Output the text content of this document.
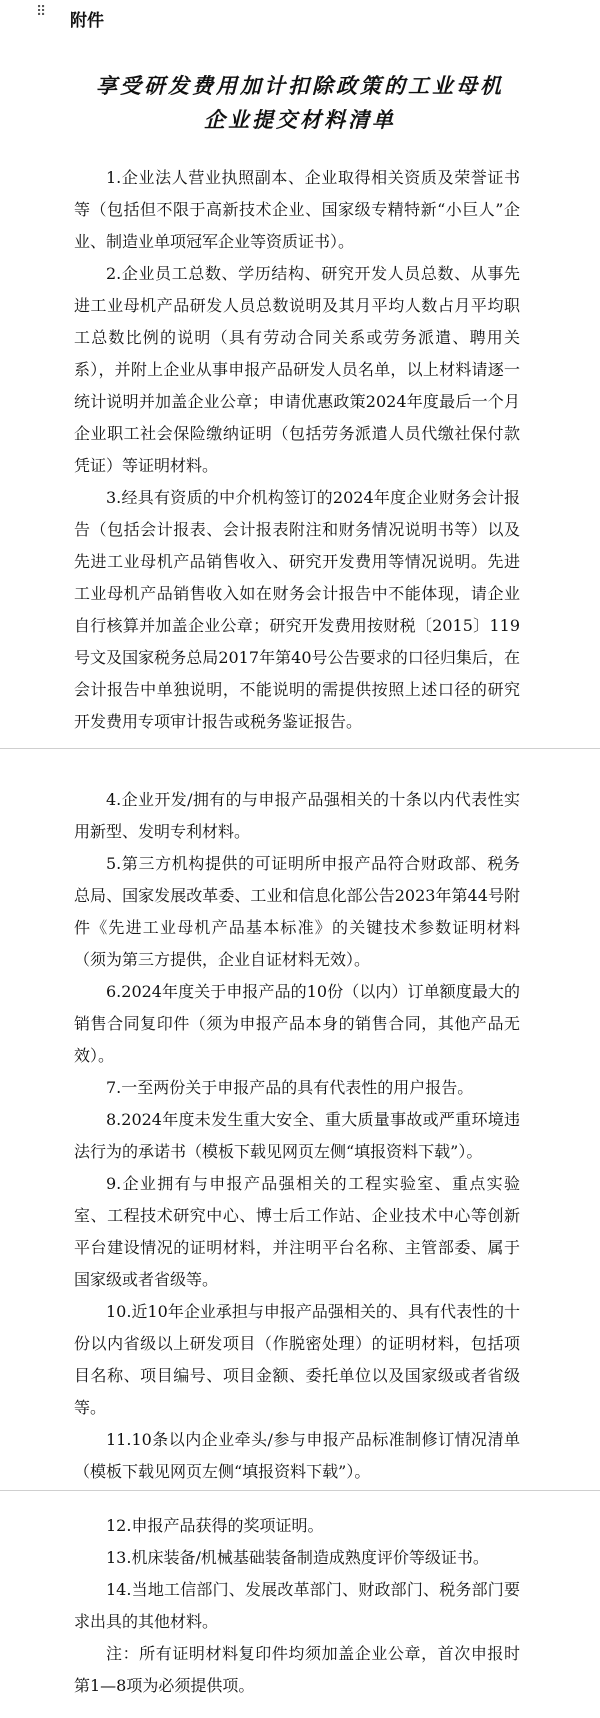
⠿ 附件
享受研发费用加计扣除政策的工业母机
企业提交材料清单

1.企业法人营业执照副本、企业取得相关资质及荣誉证书等（包括但不限于高新技术企业、国家级专精特新“小巨人”企业、制造业单项冠军企业等资质证书）。

2.企业员工总数、学历结构、研究开发人员总数、从事先进工业母机产品研发人员总数说明及其月平均人数占月平均职工总数比例的说明（具有劳动合同关系或劳务派遣、聘用关系），并附上企业从事申报产品研发人员名单，以上材料请逐一统计说明并加盖企业公章；申请优惠政策2024年度最后一个月企业职工社会保险缴纳证明（包括劳务派遣人员代缴社保付款凭证）等证明材料。

3.经具有资质的中介机构签订的2024年度企业财务会计报告（包括会计报表、会计报表附注和财务情况说明书等）以及先进工业母机产品销售收入、研究开发费用等情况说明。先进工业母机产品销售收入如在财务会计报告中不能体现，请企业自行核算并加盖企业公章；研究开发费用按财税〔2015〕119号文及国家税务总局2017年第40号公告要求的口径归集后，在会计报告中单独说明，不能说明的需提供按照上述口径的研究开发费用专项审计报告或税务鉴证报告。

4.企业开发/拥有的与申报产品强相关的十条以内代表性实用新型、发明专利材料。

5.第三方机构提供的可证明所申报产品符合财政部、税务总局、国家发展改革委、工业和信息化部公告2023年第44号附件《先进工业母机产品基本标准》的关键技术参数证明材料（须为第三方提供，企业自证材料无效）。

6.2024年度关于申报产品的10份（以内）订单额度最大的销售合同复印件（须为申报产品本身的销售合同，其他产品无效）。

7.一至两份关于申报产品的具有代表性的用户报告。

8.2024年度未发生重大安全、重大质量事故或严重环境违法行为的承诺书（模板下载见网页左侧“填报资料下载”）。

9.企业拥有与申报产品强相关的工程实验室、重点实验室、工程技术研究中心、博士后工作站、企业技术中心等创新平台建设情况的证明材料，并注明平台名称、主管部委、属于国家级或者省级等。

10.近10年企业承担与申报产品强相关的、具有代表性的十份以内省级以上研发项目（作脱密处理）的证明材料，包括项目名称、项目编号、项目金额、委托单位以及国家级或者省级等。

11.10条以内企业牵头/参与申报产品标准制修订情况清单（模板下载见网页左侧“填报资料下载”）。

12.申报产品获得的奖项证明。

13.机床装备/机械基础装备制造成熟度评价等级证书。

14.当地工信部门、发展改革部门、财政部门、税务部门要求出具的其他材料。

注：所有证明材料复印件均须加盖企业公章，首次申报时第1—8项为必须提供项。
